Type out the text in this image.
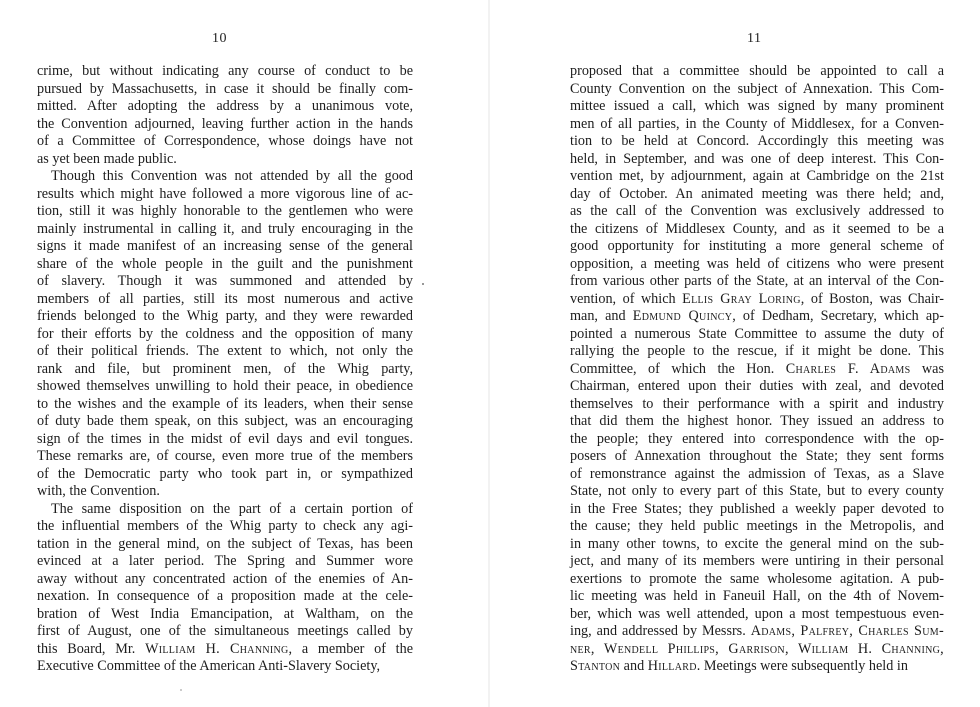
10
crime, but without indicating any course of conduct to be
pursued by Massachusetts, in case it should be finally com-
mitted. After adopting the address by a unanimous vote,
the Convention adjourned, leaving further action in the hands
of a Committee of Correspondence, whose doings have not
as yet been made public.
Though this Convention was not attended by all the good
results which might have followed a more vigorous line of ac-
tion, still it was highly honorable to the gentlemen who were
mainly instrumental in calling it, and truly encouraging in the
signs it made manifest of an increasing sense of the general
share of the whole people in the guilt and the punishment
of slavery. Though it was summoned and attended by
members of all parties, still its most numerous and active
friends belonged to the Whig party, and they were rewarded
for their efforts by the coldness and the opposition of many
of their political friends. The extent to which, not only the
rank and file, but prominent men, of the Whig party,
showed themselves unwilling to hold their peace, in obedience
to the wishes and the example of its leaders, when their sense
of duty bade them speak, on this subject, was an encouraging
sign of the times in the midst of evil days and evil tongues.
These remarks are, of course, even more true of the members
of the Democratic party who took part in, or sympathized
with, the Convention.
The same disposition on the part of a certain portion of
the influential members of the Whig party to check any agi-
tation in the general mind, on the subject of Texas, has been
evinced at a later period. The Spring and Summer wore
away without any concentrated action of the enemies of An-
nexation. In consequence of a proposition made at the cele-
bration of West India Emancipation, at Waltham, on the
first of August, one of the simultaneous meetings called by
this Board, Mr. William H. Channing, a member of the
Executive Committee of the American Anti-Slavery Society,
11
proposed that a committee should be appointed to call a
County Convention on the subject of Annexation. This Com-
mittee issued a call, which was signed by many prominent
men of all parties, in the County of Middlesex, for a Conven-
tion to be held at Concord. Accordingly this meeting was
held, in September, and was one of deep interest. This Con-
vention met, by adjournment, again at Cambridge on the 21st
day of October. An animated meeting was there held; and,
as the call of the Convention was exclusively addressed to
the citizens of Middlesex County, and as it seemed to be a
good opportunity for instituting a more general scheme of
opposition, a meeting was held of citizens who were present
from various other parts of the State, at an interval of the Con-
vention, of which Ellis Gray Loring, of Boston, was Chair-
man, and Edmund Quincy, of Dedham, Secretary, which ap-
pointed a numerous State Committee to assume the duty of
rallying the people to the rescue, if it might be done. This
Committee, of which the Hon. Charles F. Adams was
Chairman, entered upon their duties with zeal, and devoted
themselves to their performance with a spirit and industry
that did them the highest honor. They issued an address to
the people; they entered into correspondence with the op-
posers of Annexation throughout the State; they sent forms
of remonstrance against the admission of Texas, as a Slave
State, not only to every part of this State, but to every county
in the Free States; they published a weekly paper devoted to
the cause; they held public meetings in the Metropolis, and
in many other towns, to excite the general mind on the sub-
ject, and many of its members were untiring in their personal
exertions to promote the same wholesome agitation. A pub-
lic meeting was held in Faneuil Hall, on the 4th of Novem-
ber, which was well attended, upon a most tempestuous even-
ing, and addressed by Messrs. Adams, Palfrey, Charles Sum-
ner, Wendell Phillips, Garrison, William H. Channing,
Stanton and Hillard. Meetings were subsequently held in
